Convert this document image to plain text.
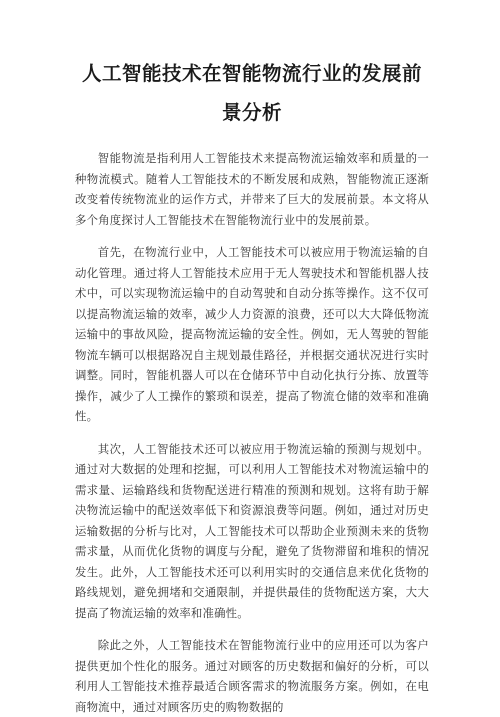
人工智能技术在智能物流行业的发展前景分析

智能物流是指利用人工智能技术来提高物流运输效率和质量的一种物流模式。随着人工智能技术的不断发展和成熟，智能物流正逐渐改变着传统物流业的运作方式，并带来了巨大的发展前景。本文将从多个角度探讨人工智能技术在智能物流行业中的发展前景。

首先，在物流行业中，人工智能技术可以被应用于物流运输的自动化管理。通过将人工智能技术应用于无人驾驶技术和智能机器人技术中，可以实现物流运输中的自动驾驶和自动分拣等操作。这不仅可以提高物流运输的效率，减少人力资源的浪费，还可以大大降低物流运输中的事故风险，提高物流运输的安全性。例如，无人驾驶的智能物流车辆可以根据路况自主规划最佳路径，并根据交通状况进行实时调整。同时，智能机器人可以在仓储环节中自动化执行分拣、放置等操作，减少了人工操作的繁琐和误差，提高了物流仓储的效率和准确性。

其次，人工智能技术还可以被应用于物流运输的预测与规划中。通过对大数据的处理和挖掘，可以利用人工智能技术对物流运输中的需求量、运输路线和货物配送进行精准的预测和规划。这将有助于解决物流运输中的配送效率低下和资源浪费等问题。例如，通过对历史运输数据的分析与比对，人工智能技术可以帮助企业预测未来的货物需求量，从而优化货物的调度与分配，避免了货物滞留和堆积的情况发生。此外，人工智能技术还可以利用实时的交通信息来优化货物的路线规划，避免拥堵和交通限制，并提供最佳的货物配送方案，大大提高了物流运输的效率和准确性。

除此之外，人工智能技术在智能物流行业中的应用还可以为客户提供更加个性化的服务。通过对顾客的历史数据和偏好的分析，可以利用人工智能技术推荐最适合顾客需求的物流服务方案。例如，在电商物流中，通过对顾客历史的购物数据的
